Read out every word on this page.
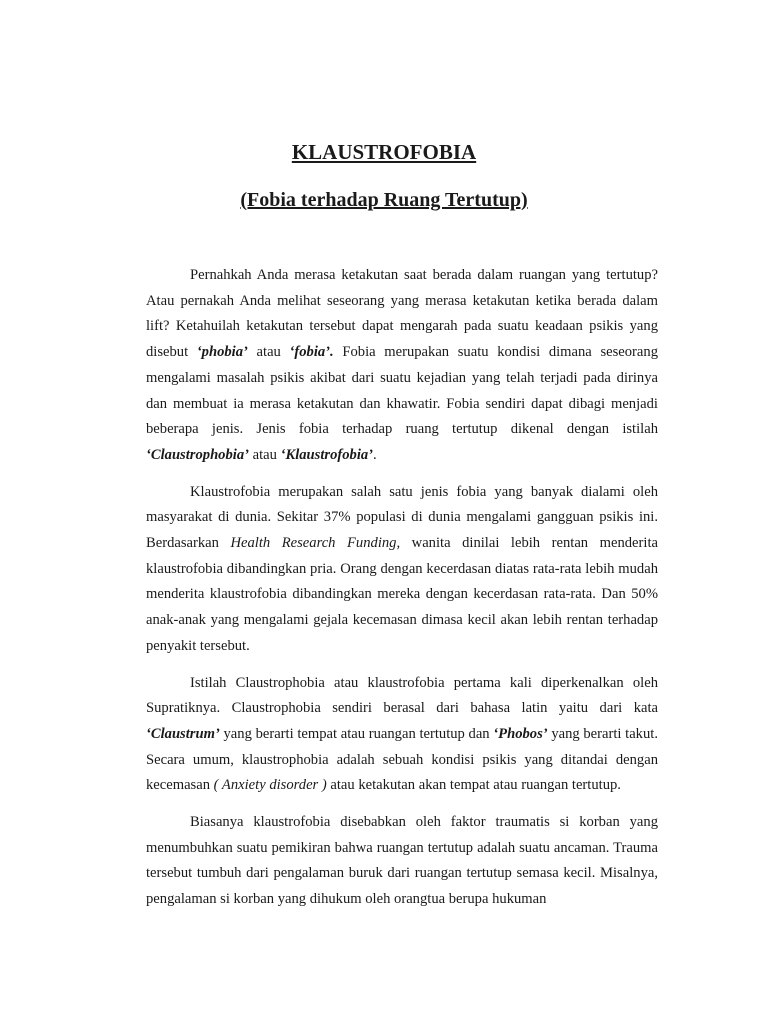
KLAUSTROFOBIA
(Fobia terhadap Ruang Tertutup)

Pernahkah Anda merasa ketakutan saat berada dalam ruangan yang tertutup? Atau pernakah Anda melihat seseorang yang merasa ketakutan ketika berada dalam lift? Ketahuilah ketakutan tersebut dapat mengarah pada suatu keadaan psikis yang disebut ‘phobia’ atau ‘fobia’. Fobia merupakan suatu kondisi dimana seseorang mengalami masalah psikis akibat dari suatu kejadian yang telah terjadi pada dirinya dan membuat ia merasa ketakutan dan khawatir. Fobia sendiri dapat dibagi menjadi beberapa jenis. Jenis fobia terhadap ruang tertutup dikenal dengan istilah ‘Claustrophobia’ atau ‘Klaustrofobia’.

Klaustrofobia merupakan salah satu jenis fobia yang banyak dialami oleh masyarakat di dunia. Sekitar 37% populasi di dunia mengalami gangguan psikis ini. Berdasarkan Health Research Funding, wanita dinilai lebih rentan menderita klaustrofobia dibandingkan pria. Orang dengan kecerdasan diatas rata-rata lebih mudah menderita klaustrofobia dibandingkan mereka dengan kecerdasan rata-rata. Dan 50% anak-anak yang mengalami gejala kecemasan dimasa kecil akan lebih rentan terhadap penyakit tersebut.

Istilah Claustrophobia atau klaustrofobia pertama kali diperkenalkan oleh Supratiknya. Claustrophobia sendiri berasal dari bahasa latin yaitu dari kata ‘Claustrum’ yang berarti tempat atau ruangan tertutup dan ‘Phobos’ yang berarti takut. Secara umum, klaustrophobia adalah sebuah kondisi psikis yang ditandai dengan kecemasan ( Anxiety disorder ) atau ketakutan akan tempat atau ruangan tertutup.

Biasanya klaustrofobia disebabkan oleh faktor traumatis si korban yang menumbuhkan suatu pemikiran bahwa ruangan tertutup adalah suatu ancaman. Trauma tersebut tumbuh dari pengalaman buruk dari ruangan tertutup semasa kecil. Misalnya, pengalaman si korban yang dihukum oleh orangtua berupa hukuman
